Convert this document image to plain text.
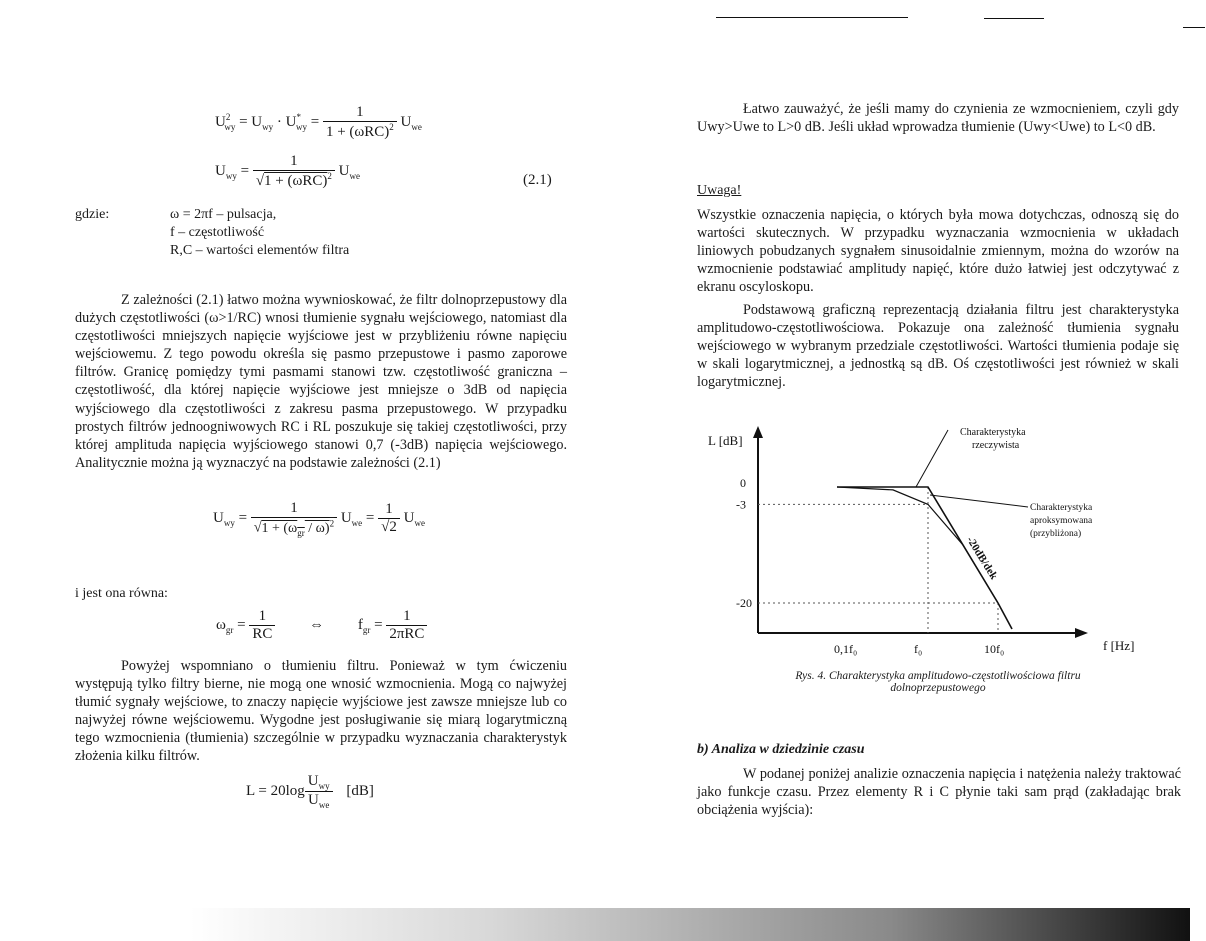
$U^2_{wy} = U_{wy} \cdot U^*_{wy} = \frac{1}{1 + (\omega RC)^2} U_{we}$
$U_{wy} = \frac{1}{√1 + (\omega RC)^2} U_{we}$	(2.1)
gdzie:	ω = 2πf – pulsacja,
f – częstotliwość
R,C – wartości elementów filtra

Z zależności (2.1) łatwo można wywnioskować, że filtr dolnoprzepustowy dla dużych częstotliwości (ω>1/RC) wnosi tłumienie sygnału wejściowego, natomiast dla częstotliwości mniejszych napięcie wyjściowe jest w przybliżeniu równe napięciu wejściowemu. Z tego powodu określa się pasmo przepustowe i pasmo zaporowe filtrów. Granicę pomiędzy tymi pasmami stanowi tzw. częstotliwość graniczna – częstotliwość, dla której napięcie wyjściowe jest mniejsze o 3dB od napięcia wyjściowego dla częstotliwości z zakresu pasma przepustowego. W przypadku prostych filtrów jednoogniwowych RC i RL poszukuje się takiej częstotliwości, przy której amplituda napięcia wyjściowego stanowi 0,7 (-3dB) napięcia wejściowego. Analitycznie można ją wyznaczyć na podstawie zależności (2.1)

$U_{wy} = \frac{1}{√1 + (\omega_{gr} / \omega)^2} U_{we} = \frac{1}{√2} U_{we}$
i jest ona równa:
$\omega_{gr} = \frac{1}{RC}$ ⇔ $f_{gr} = \frac{1}{\text{2πRC}}$

Powyżej wspomniano o tłumieniu filtru. Ponieważ w tym ćwiczeniu występują tylko filtry bierne, nie mogą one wnosić wzmocnienia. Mogą co najwyżej tłumić sygnały wejściowe, to znaczy napięcie wyjściowe jest zawsze mniejsze lub co najwyżej równe wejściowemu. Wygodne jest posługiwanie się miarą logarytmiczną tego wzmocnienia (tłumienia) szczególnie w przypadku wyznaczania charakterystyk złożenia kilku filtrów.

$L = 20\log \frac{U_{wy}}{U_{we}} [dB]$

Łatwo zauważyć, że jeśli mamy do czynienia ze wzmocnieniem, czyli gdy Uwy>Uwe to L>0 dB. Jeśli układ wprowadza tłumienie (Uwy<Uwe) to L<0 dB.

Uwaga!

Wszystkie oznaczenia napięcia, o których była mowa dotychczas, odnoszą się do wartości skutecznych. W przypadku wyznaczania wzmocnienia w układach liniowych pobudzanych sygnałem sinusoidalnie zmiennym, można do wzorów na wzmocnienie podstawiać amplitudy napięć, które dużo łatwiej jest odczytywać z ekranu oscyloskopu.

Podstawową graficzną reprezentacją działania filtru jest charakterystyka amplitudowo-częstotliwościowa. Pokazuje ona zależność tłumienia sygnału wejściowego w wybranym przedziale częstotliwości. Wartości tłumienia podaje się w skali logarytmicznej, a jednostką są dB. Oś częstotliwości jest również w skali logarytmicznej.

L [dB]
f [Hz]
0
-3
-20
0,1f₀	f₀	10f₀
-20dB/dek
Charakterystyka
rzeczywista
Charakterystyka
aproksymowana
(przybliżona)
Rys. 4. Charakterystyka amplitudowo-częstotliwościowa filtru dolnoprzepustowego
b) Analiza w dziedzinie czasu

W podanej poniżej analizie oznaczenia napięcia i natężenia należy traktować jako funkcje czasu. Przez elementy R i C płynie taki sam prąd (zakładając brak obciążenia wyjścia):
